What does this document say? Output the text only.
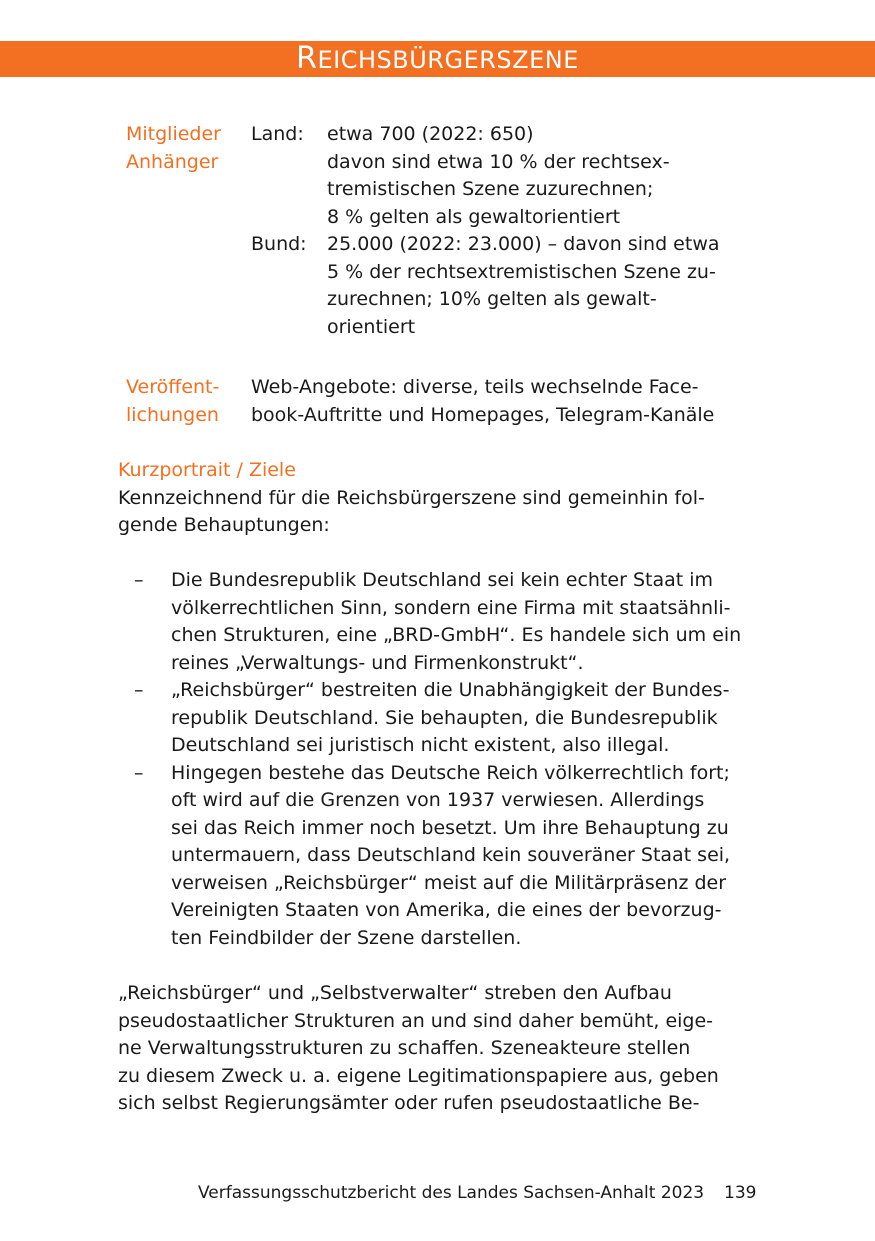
REICHSBÜRGERSZENE
Mitglieder
Anhänger
Land:	etwa 700 (2022: 650)
davon sind etwa 10 % der rechtsex-
tremistischen Szene zuzurechnen;
8 % gelten als gewaltorientiert
Bund:	25.000 (2022: 23.000) – davon sind etwa
5 % der rechtsextremistischen Szene zu-
zurechnen; 10% gelten als gewalt-
orientiert
Veröffent-
lichungen
Web-Angebote: diverse, teils wechselnde Face-
book-Auftritte und Homepages, Telegram-Kanäle
Kurzportrait / Ziele
Kennzeichnend für die Reichsbürgerszene sind gemeinhin fol-
gende Behauptungen:
– Die Bundesrepublik Deutschland sei kein echter Staat im
völkerrechtlichen Sinn, sondern eine Firma mit staatsähnli-
chen Strukturen, eine „BRD-GmbH“. Es handele sich um ein
reines „Verwaltungs- und Firmenkonstrukt“.
– „Reichsbürger“ bestreiten die Unabhängigkeit der Bundes-
republik Deutschland. Sie behaupten, die Bundesrepublik
Deutschland sei juristisch nicht existent, also illegal.
– Hingegen bestehe das Deutsche Reich völkerrechtlich fort;
oft wird auf die Grenzen von 1937 verwiesen. Allerdings
sei das Reich immer noch besetzt. Um ihre Behauptung zu
untermauern, dass Deutschland kein souveräner Staat sei,
verweisen „Reichsbürger“ meist auf die Militärpräsenz der
Vereinigten Staaten von Amerika, die eines der bevorzug-
ten Feindbilder der Szene darstellen.
„Reichsbürger“ und „Selbstverwalter“ streben den Aufbau
pseudostaatlicher Strukturen an und sind daher bemüht, eige-
ne Verwaltungsstrukturen zu schaffen. Szeneakteure stellen
zu diesem Zweck u. a. eigene Legitimationspapiere aus, geben
sich selbst Regierungsämter oder rufen pseudostaatliche Be-
Verfassungsschutzbericht des Landes Sachsen-Anhalt 2023 139
